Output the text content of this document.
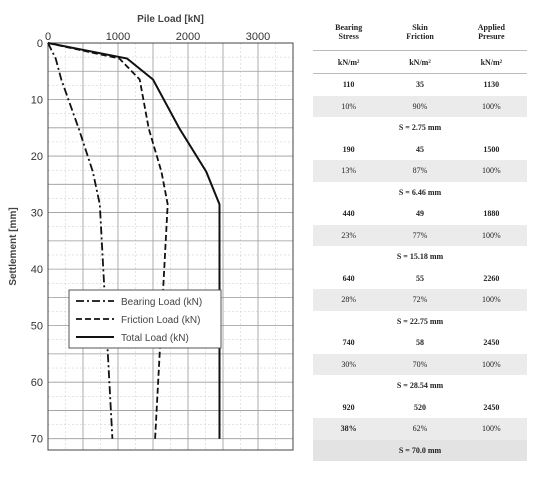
0	1000	2000	3000
0
10
20
30
40
50
60
70
Pile Load [kN]
Settlement [mm]
Bearing Load (kN)
Friction Load (kN)
Total Load (kN)
Bearing	Skin	Applied
Stress	Friction	Presure
kN/m²	kN/m²	kN/m²
110	35	1130
10%	90%	100%
S = 2.75 mm		
190	45	1500
13%	87%	100%
S = 6.46 mm		
440	49	1880
23%	77%	100%
S = 15.18 mm		
640	55	2260
28%	72%	100%
S = 22.75 mm		
740	58	2450
30%	70%	100%
S = 28.54 mm		
920	520	2450
38%	62%	100%
S = 70.0 mm		
